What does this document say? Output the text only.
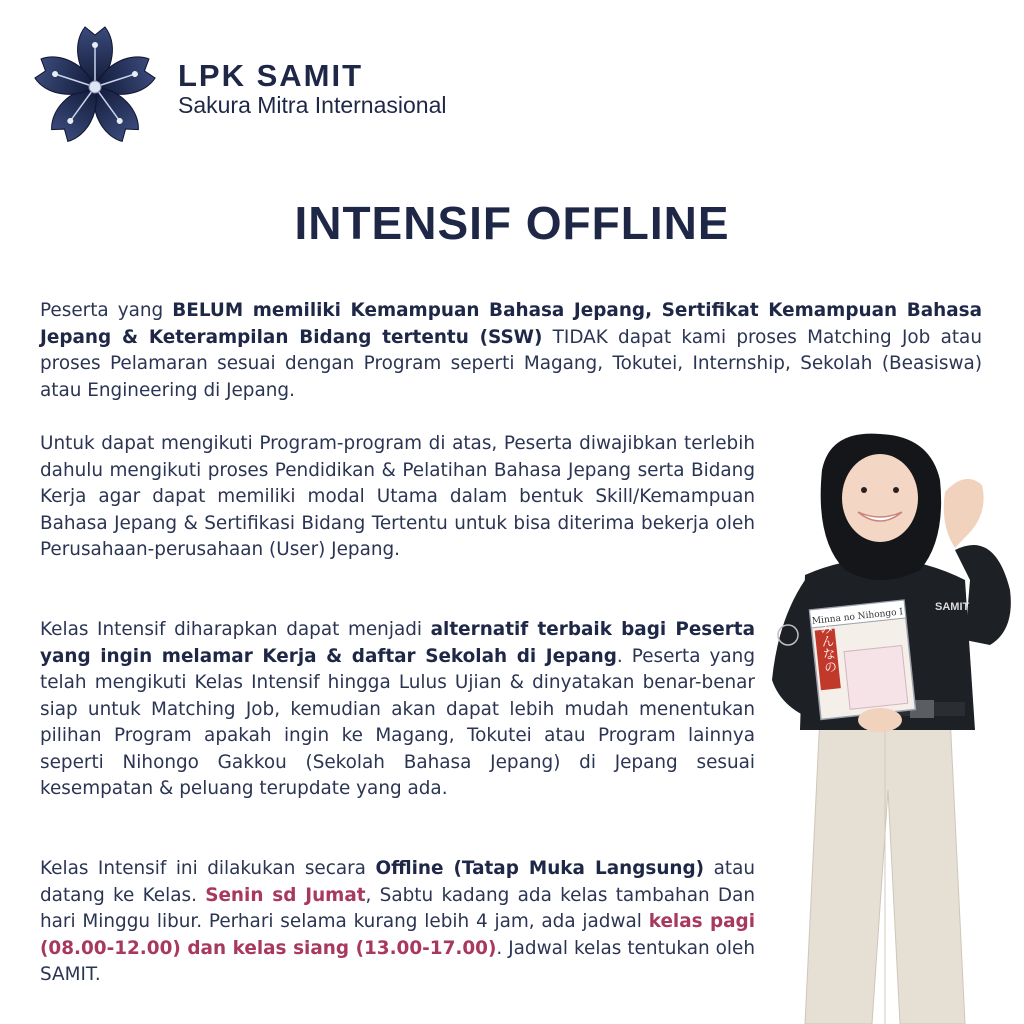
LPK SAMIT
Sakura Mitra Internasional
INTENSIF OFFLINE

Peserta yang BELUM memiliki Kemampuan Bahasa Jepang, Sertifikat Kemampuan Bahasa Jepang & Keterampilan Bidang tertentu (SSW) TIDAK dapat kami proses Matching Job atau proses Pelamaran sesuai dengan Program seperti Magang, Tokutei, Internship, Sekolah (Beasiswa) atau Engineering di Jepang.

Untuk dapat mengikuti Program-program di atas, Peserta diwajibkan terlebih dahulu mengikuti proses Pendidikan & Pelatihan Bahasa Jepang serta Bidang Kerja agar dapat memiliki modal Utama dalam bentuk Skill/Kemampuan Bahasa Jepang & Sertifikasi Bidang Tertentu untuk bisa diterima bekerja oleh Perusahaan-perusahaan (User) Jepang.

Kelas Intensif diharapkan dapat menjadi alternatif terbaik bagi Peserta yang ingin melamar Kerja & daftar Sekolah di Jepang. Peserta yang telah mengikuti Kelas Intensif hingga Lulus Ujian & dinyatakan benar-benar siap untuk Matching Job, kemudian akan dapat lebih mudah menentukan pilihan Program apakah ingin ke Magang, Tokutei atau Program lainnya seperti Nihongo Gakkou (Sekolah Bahasa Jepang) di Jepang sesuai kesempatan & peluang terupdate yang ada.

Kelas Intensif ini dilakukan secara Offline (Tatap Muka Langsung) atau datang ke Kelas. Senin sd Jumat, Sabtu kadang ada kelas tambahan Dan hari Minggu libur. Perhari selama kurang lebih 4 jam, ada jadwal kelas pagi (08.00-12.00) dan kelas siang (13.00-17.00). Jadwal kelas tentukan oleh SAMIT.

Minna no Nihongo I
みんなの
SAMIT
